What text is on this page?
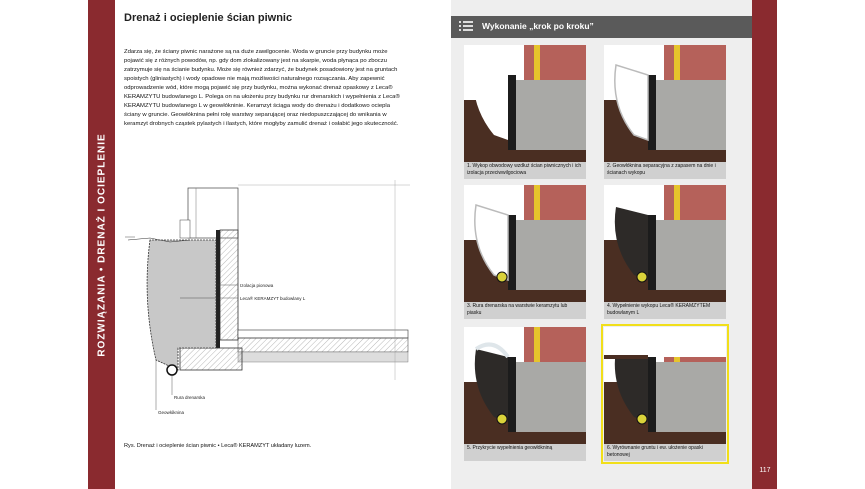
ROZWIĄZANIA • DRENAŻ I OCIEPLENIE
Drenaż i ocieplenie ścian piwnic
Zdarza się, że ściany piwnic narażone są na duże zawilgocenie. Woda w gruncie przy budynku może pojawić się z różnych powodów, np. gdy dom zlokalizowany jest na skarpie, woda płynąca po zboczu zatrzymuje się na ścianie budynku. Może się również zdarzyć, że budynek posadowiony jest na gruntach spoistych (gliniastych) i wody opadowe nie mają możliwości naturalnego rozsączania. Aby zapewnić odprowadzenie wód, które mogą pojawić się przy budynku, można wykonać drenaż opaskowy z Leca® KERAMZYTU budowlanego L. Polega on na ułożeniu przy budynku rur drenarskich i wypełnienia z Leca® KERAMZYTU budowlanego L w geowłókninie. Keramzyt ściąga wody do drenażu i dodatkowo ociepla ściany w gruncie. Geowłóknina pełni rolę warstwy separującej oraz niedopuszczającej do wnikania w keramzyt drobnych cząstek pylastych i ilastych, które mogłyby zamulić drenaż i osłabić jego skuteczność.
Izolacja pionowa
Leca® KERAMZYT budowlany L
Rura drenarska
Geowłóknina
Rys. Drenaż i ocieplenie ścian piwnic • Leca® KERAMZYT układany luzem.
Wykonanie „krok po kroku”
1. Wykop obwodowy wzdłuż ścian piwnicznych i ich izolacja przeciwwilgociowa
2. Geowłóknina separacyjna z zapasem na dnie i ścianach wykopu
3. Rura drenarska na warstwie keramzytu lub piasku
4. Wypełnienie wykopu Leca® KERAMZYTEM budowlanym L
5. Przykrycie wypełnienia geowłókniną	6. Wyrównanie gruntu i ew. ułożenie opaski betonowej
117
